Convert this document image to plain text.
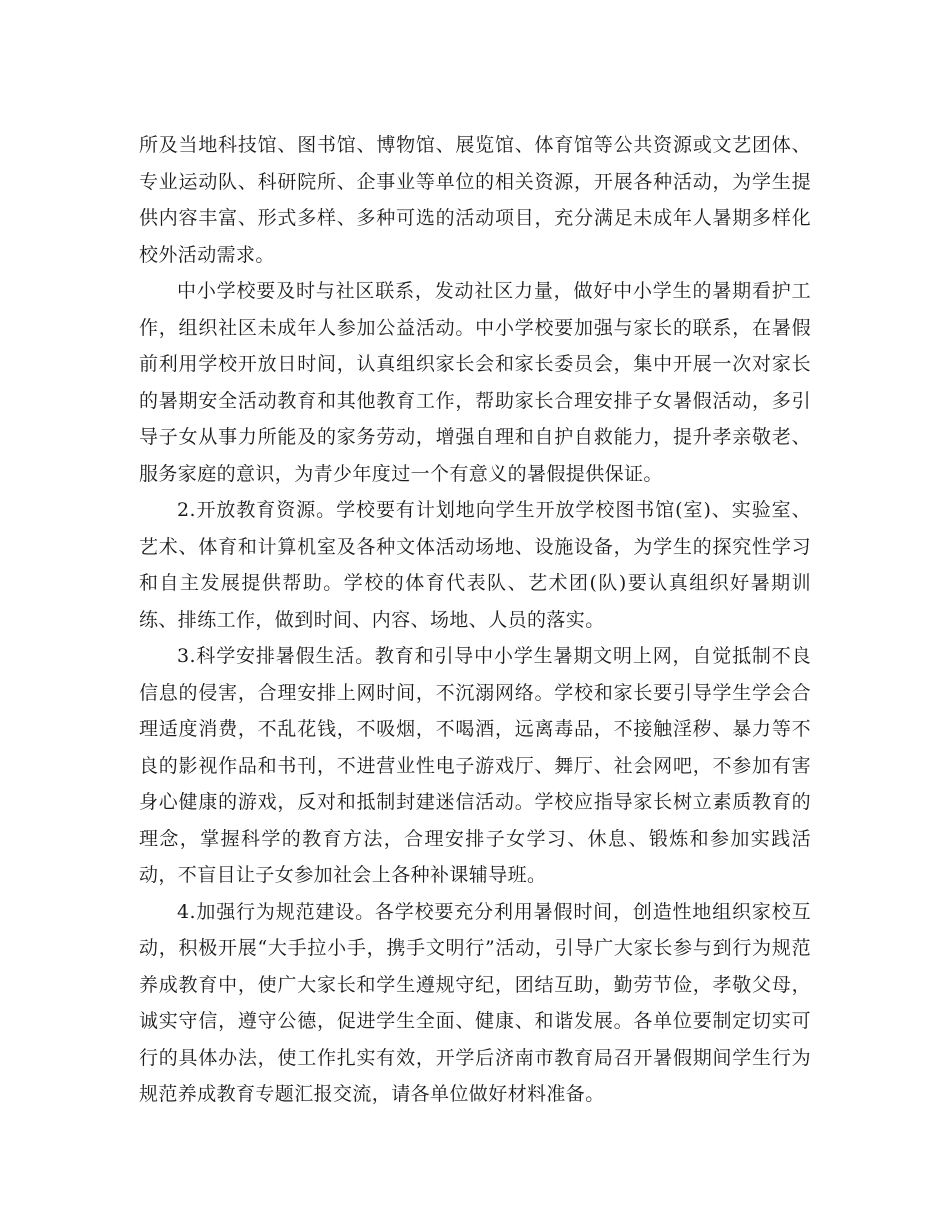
所及当地科技馆、图书馆、博物馆、展览馆、体育馆等公共资源或文艺团体、专业运动队、科研院所、企事业等单位的相关资源，开展各种活动，为学生提供内容丰富、形式多样、多种可选的活动项目，充分满足未成年人暑期多样化校外活动需求。

中小学校要及时与社区联系，发动社区力量，做好中小学生的暑期看护工作，组织社区未成年人参加公益活动。中小学校要加强与家长的联系，在暑假前利用学校开放日时间，认真组织家长会和家长委员会，集中开展一次对家长的暑期安全活动教育和其他教育工作，帮助家长合理安排子女暑假活动，多引导子女从事力所能及的家务劳动，增强自理和自护自救能力，提升孝亲敬老、服务家庭的意识，为青少年度过一个有意义的暑假提供保证。

2.开放教育资源。学校要有计划地向学生开放学校图书馆(室)、实验室、艺术、体育和计算机室及各种文体活动场地、设施设备，为学生的探究性学习和自主发展提供帮助。学校的体育代表队、艺术团(队)要认真组织好暑期训练、排练工作，做到时间、内容、场地、人员的落实。

3.科学安排暑假生活。教育和引导中小学生暑期文明上网，自觉抵制不良信息的侵害，合理安排上网时间，不沉溺网络。学校和家长要引导学生学会合理适度消费，不乱花钱，不吸烟，不喝酒，远离毒品，不接触淫秽、暴力等不良的影视作品和书刊，不进营业性电子游戏厅、舞厅、社会网吧，不参加有害身心健康的游戏，反对和抵制封建迷信活动。学校应指导家长树立素质教育的理念，掌握科学的教育方法，合理安排子女学习、休息、锻炼和参加实践活动，不盲目让子女参加社会上各种补课辅导班。

4.加强行为规范建设。各学校要充分利用暑假时间，创造性地组织家校互动，积极开展“大手拉小手，携手文明行”活动，引导广大家长参与到行为规范养成教育中，使广大家长和学生遵规守纪，团结互助，勤劳节俭，孝敬父母，诚实守信，遵守公德，促进学生全面、健康、和谐发展。各单位要制定切实可行的具体办法，使工作扎实有效，开学后济南市教育局召开暑假期间学生行为规范养成教育专题汇报交流，请各单位做好材料准备。
